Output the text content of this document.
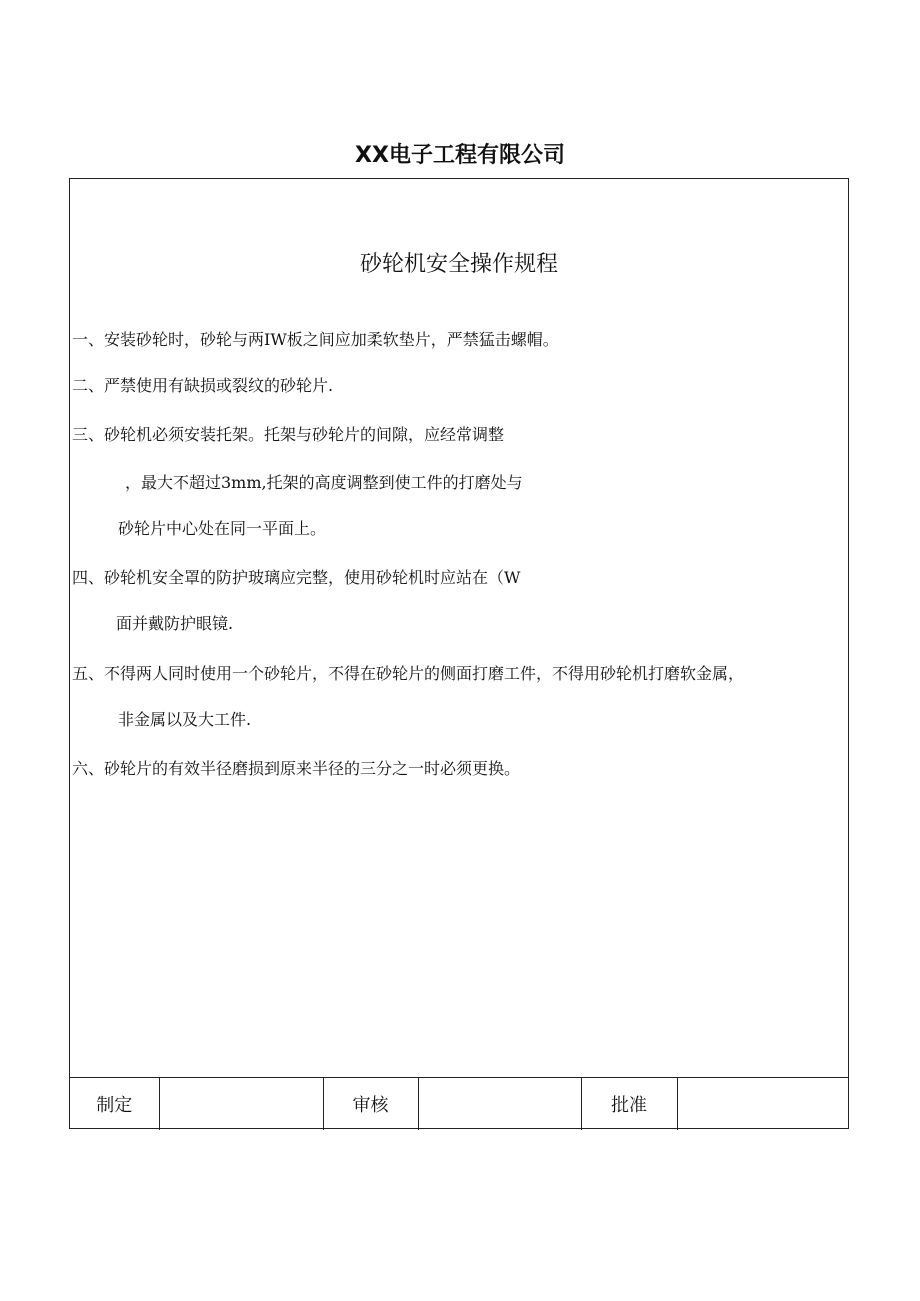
XX电子工程有限公司
砂轮机安全操作规程
一、安装砂轮时，砂轮与两IW板之间应加柔软垫片，严禁猛击螺帽。
二、严禁使用有缺损或裂纹的砂轮片.
三、砂轮机必须安装托架。托架与砂轮片的间隙，应经常调整
，最大不超过3mm,托架的高度调整到使工件的打磨处与
砂轮片中心处在同一平面上。
四、砂轮机安全罩的防护玻璃应完整，使用砂轮机时应站在（W
面并戴防护眼镜.
五、不得两人同时使用一个砂轮片，不得在砂轮片的侧面打磨工件，不得用砂轮机打磨软金属，
非金属以及大工件.
六、砂轮片的有效半径磨损到原来半径的三分之一时必须更换。
制定		审核		批准	
